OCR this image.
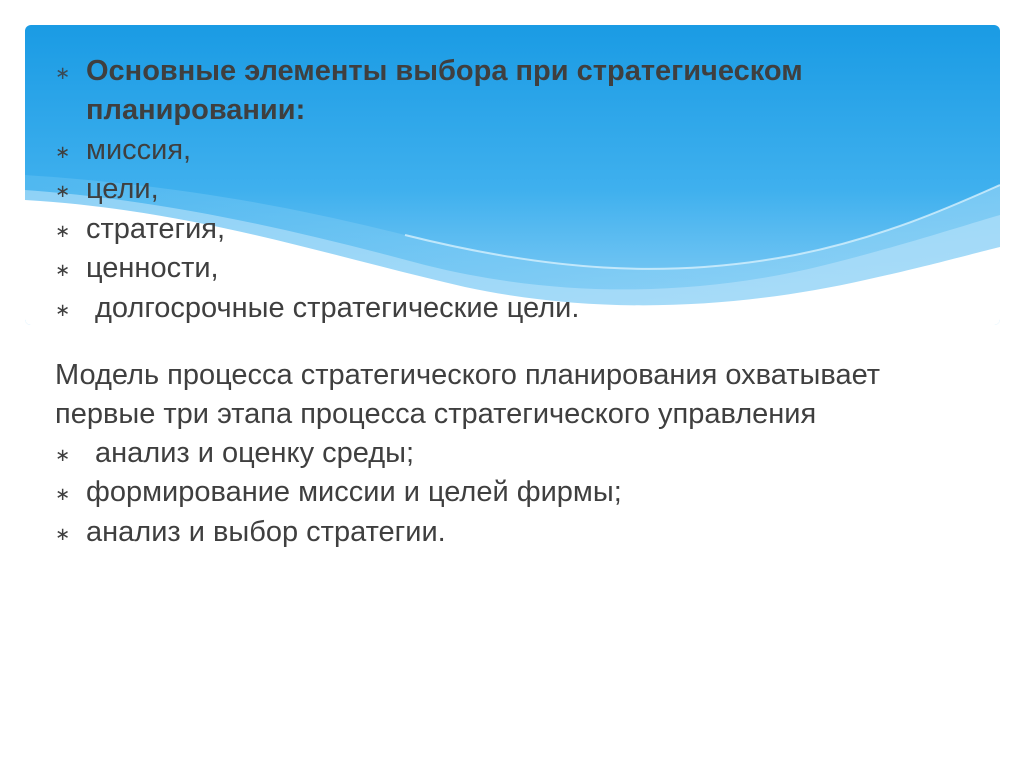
∗ Основные элементы выбора при стратегическом планировании:
∗ миссия,
∗ цели,
∗ стратегия,
∗ ценности,
∗ долгосрочные стратегические цели.
Модель процесса стратегического планирования охватывает первые три этапа процесса стратегического управления
∗ анализ и оценку среды;
∗ формирование миссии и целей фирмы;
∗ анализ и выбор стратегии.
